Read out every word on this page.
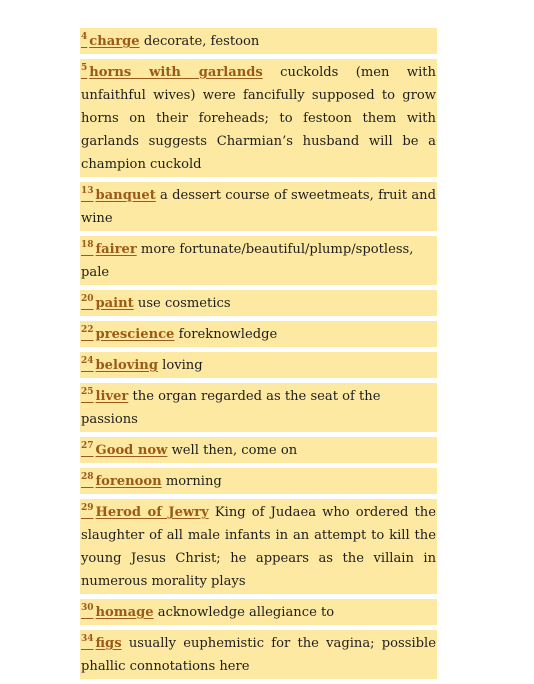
$^4$ charge decorate, festoon
$^5$ horns with garlands cuckolds (men with unfaithful wives) were fancifully supposed to grow horns on their foreheads; to festoon them with garlands suggests Charmian’s husband will be a champion cuckold
$^{13}$ banquet a dessert course of sweetmeats, fruit and wine
$^{18}$ fairer more fortunate/beautiful/plump/spotless, pale
$^{20}$ paint use cosmetics
$^{22}$ prescience foreknowledge
$^{24}$ beloving loving
$^{25}$ liver the organ regarded as the seat of the passions
$^{27}$ Good now well then, come on
$^{28}$ forenoon morning
$^{29}$ Herod of Jewry King of Judaea who ordered the slaughter of all male infants in an attempt to kill the young Jesus Christ; he appears as the villain in numerous morality plays
$^{30}$ homage acknowledge allegiance to
$^{34}$ figs usually euphemistic for the vagina; possible phallic connotations here
